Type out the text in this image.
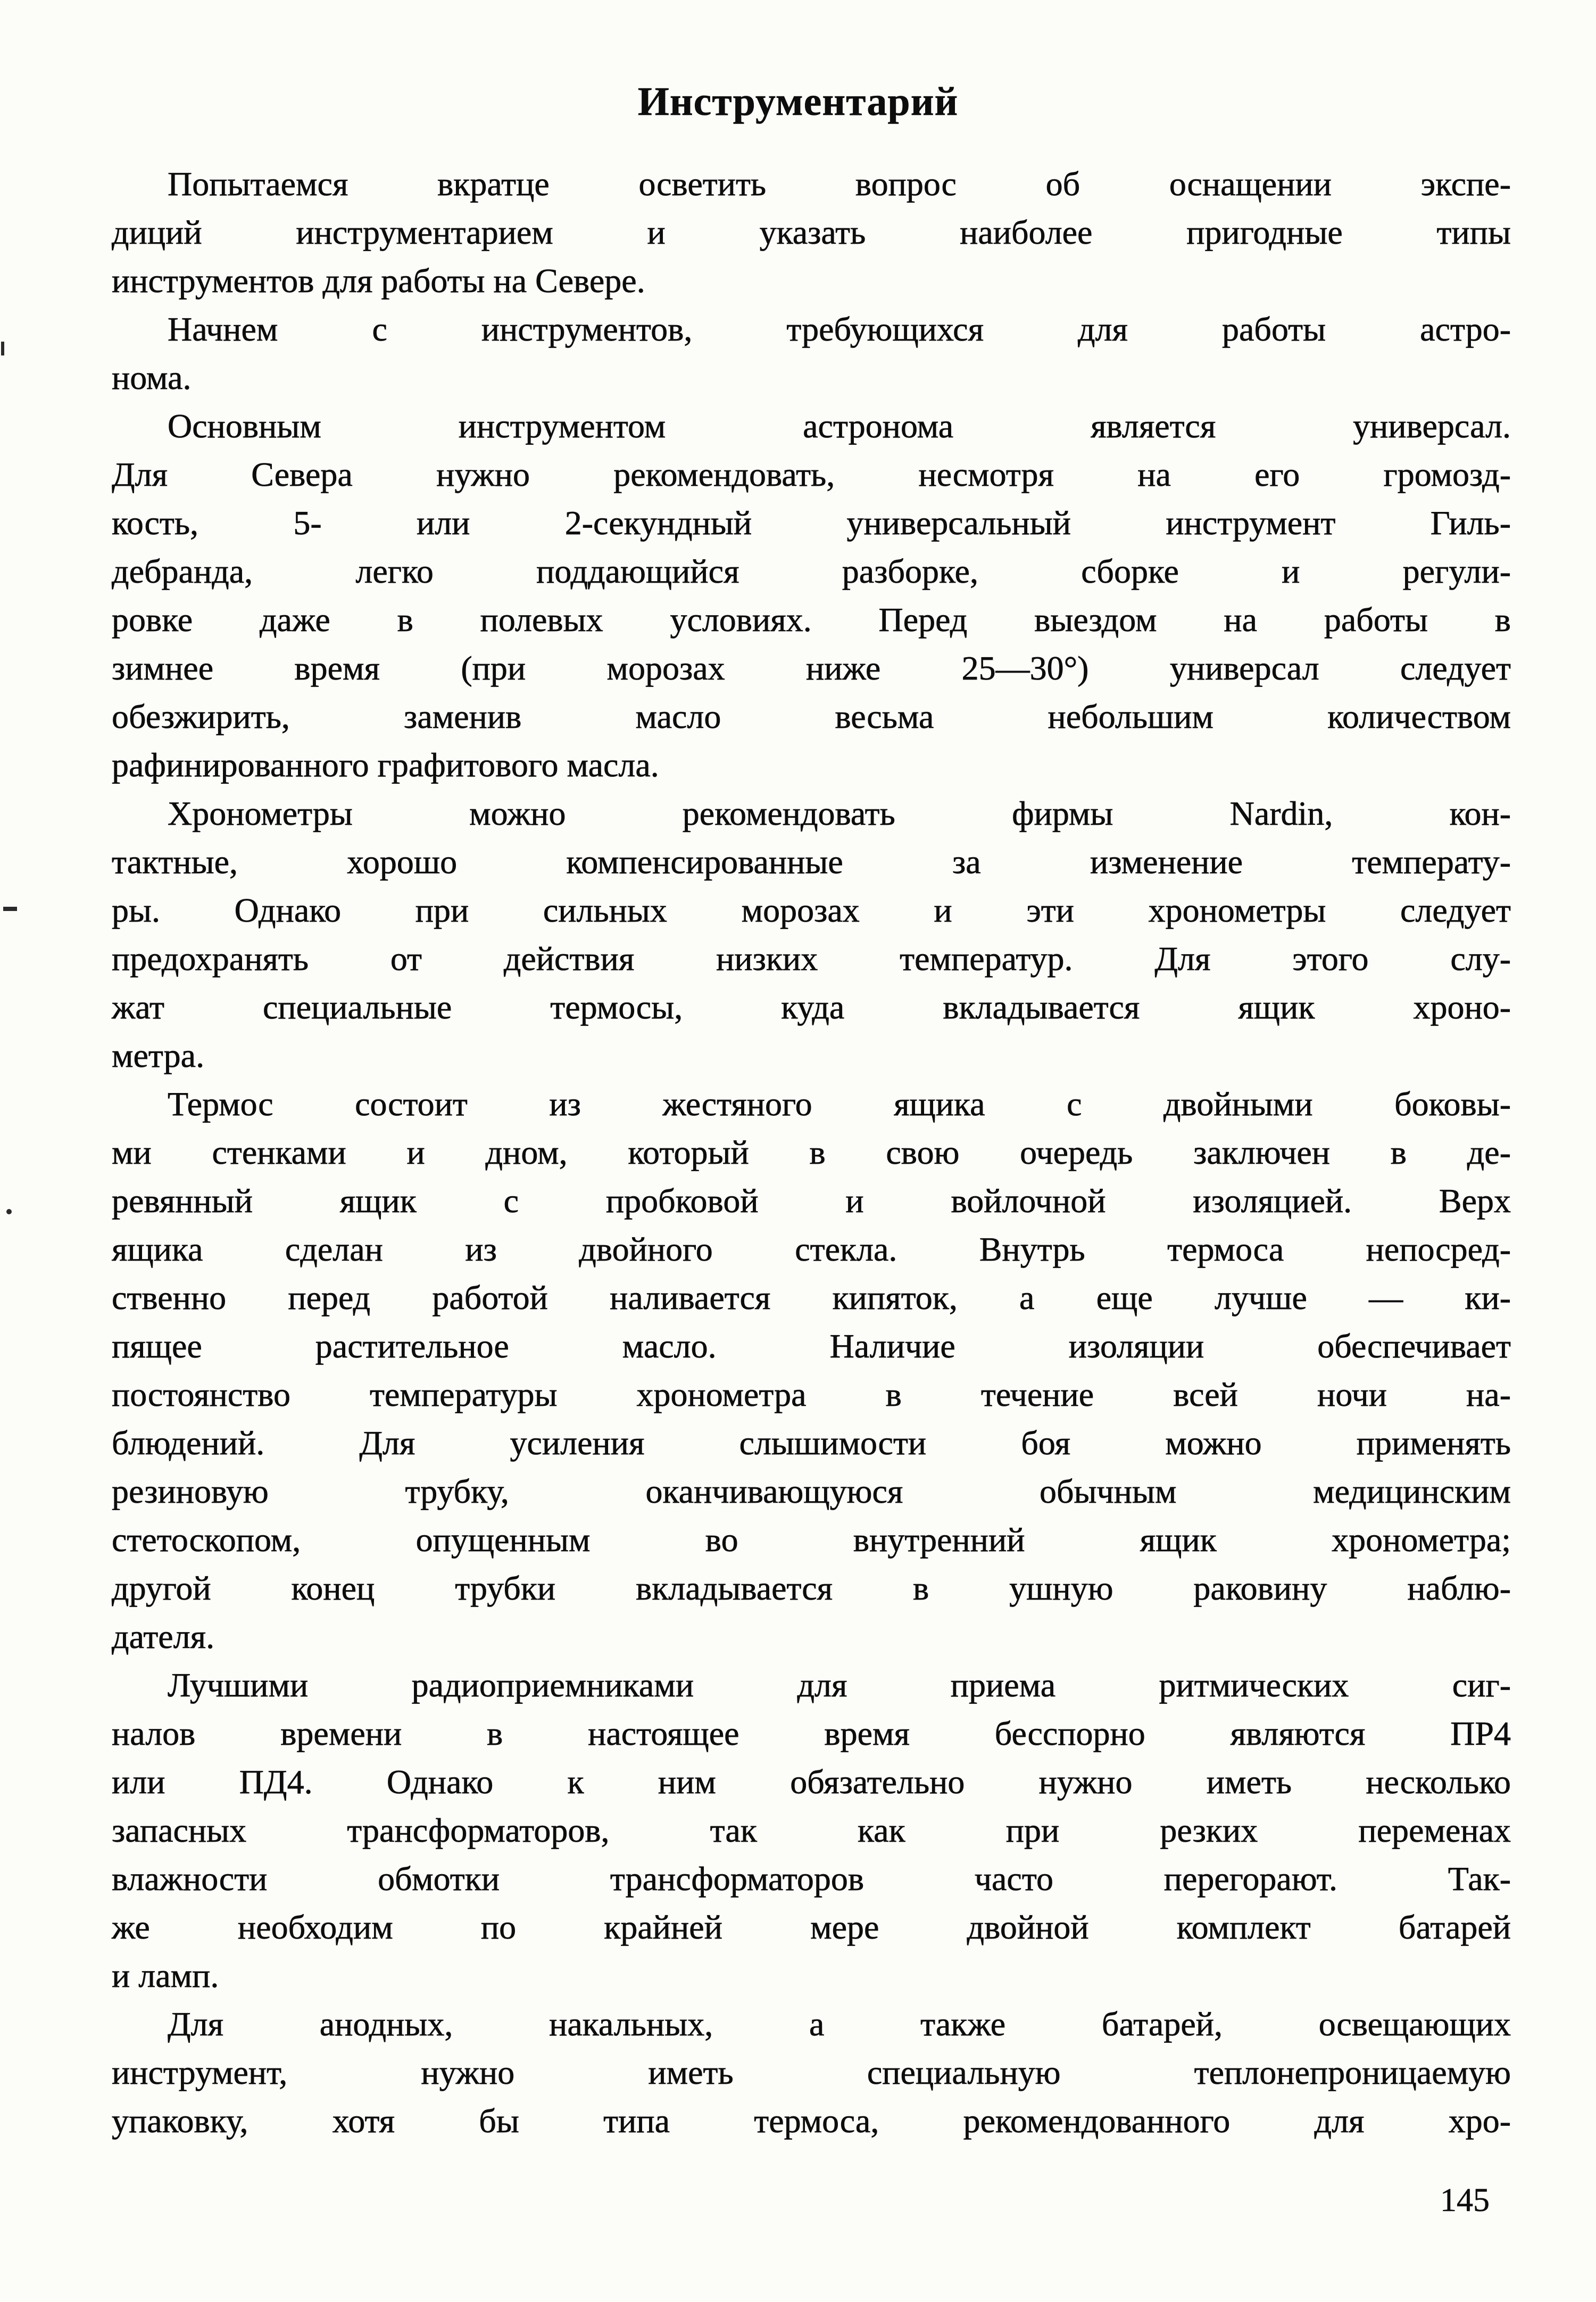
Инструментарий
Попытаемся вкратце осветить вопрос об оснащении экспе-
диций инструментарием и указать наиболее пригодные типы
инструментов для работы на Севере.
Начнем с инструментов, требующихся для работы астро-
нома.
Основным инструментом астронома является универсал.
Для Севера нужно рекомендовать, несмотря на его громозд-
кость, 5- или 2-секундный универсальный инструмент Гиль-
дебранда, легко поддающийся разборке, сборке и регули-
ровке даже в полевых условиях. Перед выездом на работы в
зимнее время (при морозах ниже 25—30°) универсал следует
обезжирить, заменив масло весьма небольшим количеством
рафинированного графитового масла.
Хронометры можно рекомендовать фирмы Nardin, кон-
тактные, хорошо компенсированные за изменение температу-
ры. Однако при сильных морозах и эти хронометры следует
предохранять от действия низких температур. Для этого слу-
жат специальные термосы, куда вкладывается ящик хроно-
метра.
Термос состоит из жестяного ящика с двойными боковы-
ми стенками и дном, который в свою очередь заключен в де-
ревянный ящик с пробковой и войлочной изоляцией. Верх
ящика сделан из двойного стекла. Внутрь термоса непосред-
ственно перед работой наливается кипяток, а еще лучше — ки-
пящее растительное масло. Наличие изоляции обеспечивает
постоянство температуры хронометра в течение всей ночи на-
блюдений. Для усиления слышимости боя можно применять
резиновую трубку, оканчивающуюся обычным медицинским
стетоскопом, опущенным во внутренний ящик хронометра;
другой конец трубки вкладывается в ушную раковину наблю-
дателя.
Лучшими радиоприемниками для приема ритмических сиг-
налов времени в настоящее время бесспорно являются ПР4
или ПД4. Однако к ним обязательно нужно иметь несколько
запасных трансформаторов, так как при резких переменах
влажности обмотки трансформаторов часто перегорают. Так-
же необходим по крайней мере двойной комплект батарей
и ламп.
Для анодных, накальных, а также батарей, освещающих
инструмент, нужно иметь специальную теплонепроницаемую
упаковку, хотя бы типа термоса, рекомендованного для хро-
145
